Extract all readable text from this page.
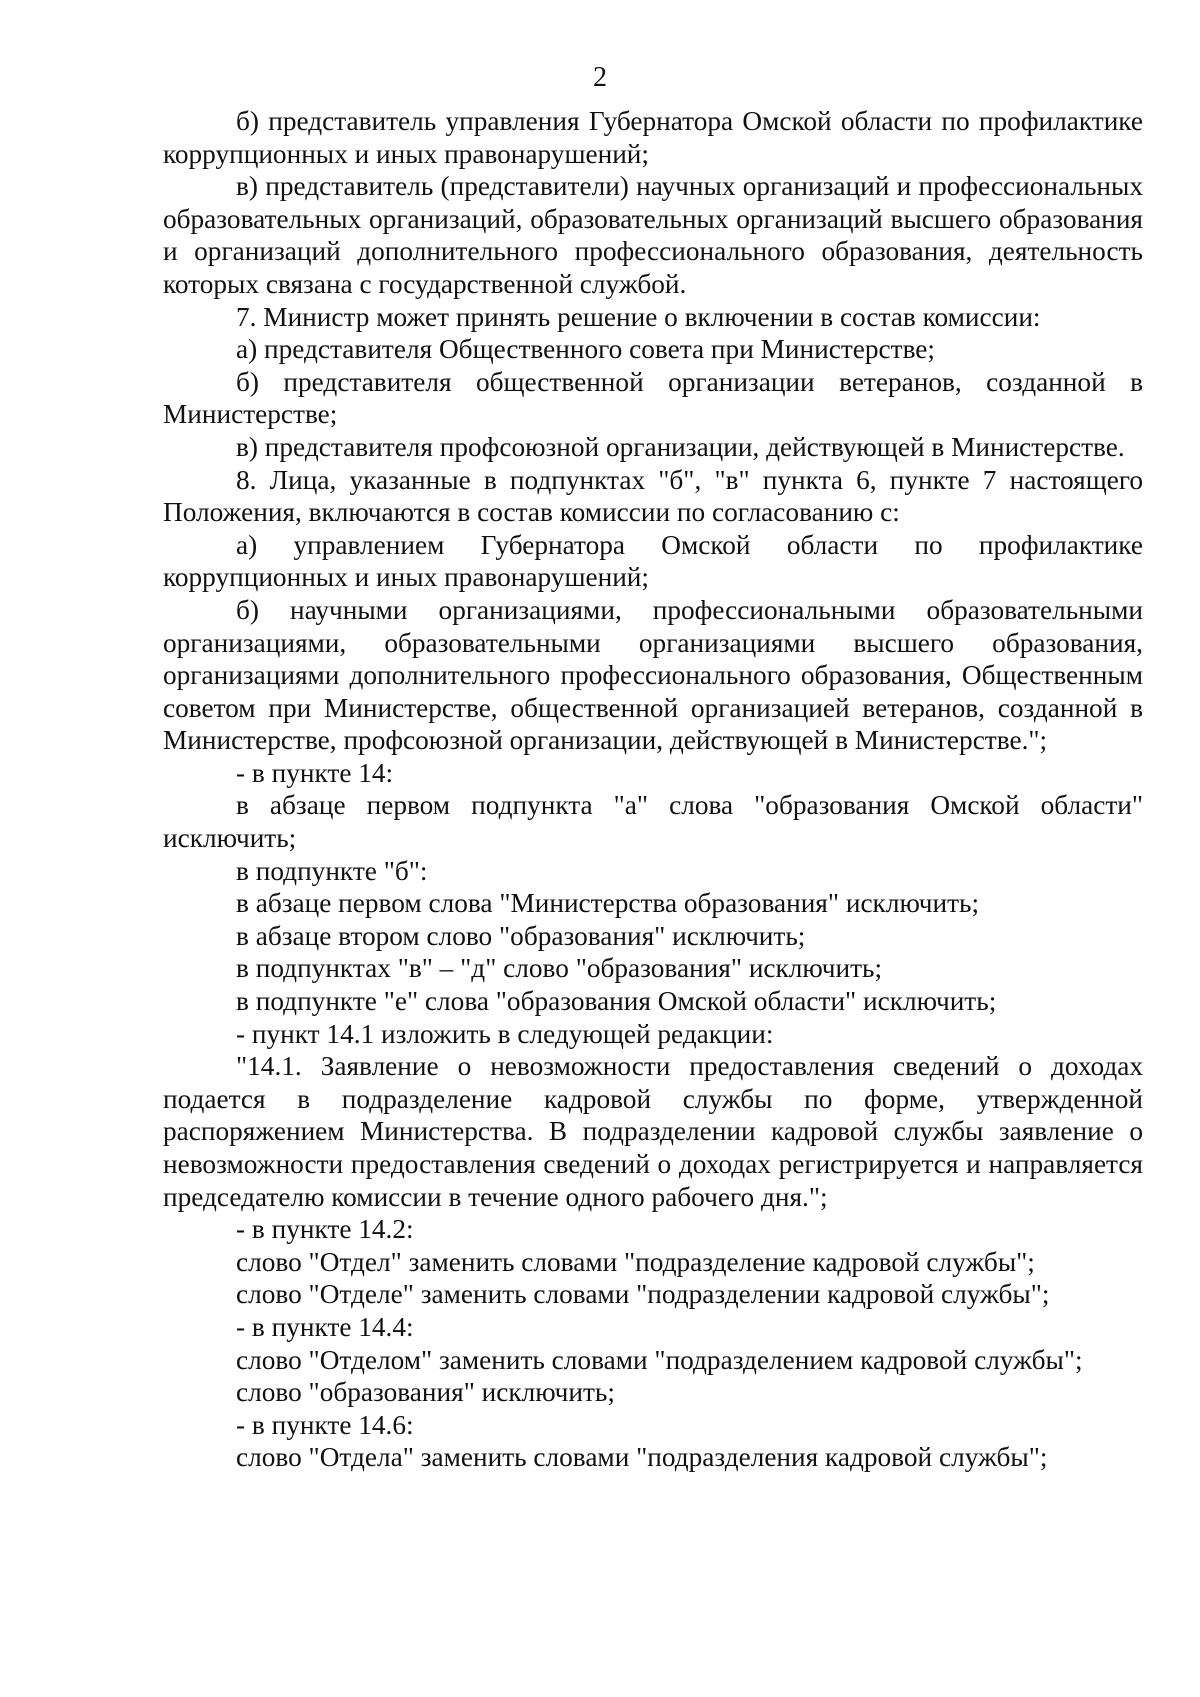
2

б) представитель управления Губернатора Омской области по профилактике коррупционных и иных правонарушений;

в) представитель (представители) научных организаций и профессиональных образовательных организаций, образовательных организаций высшего образования и организаций дополнительного профессионального образования, деятельность которых связана с государственной службой.

7. Министр может принять решение о включении в состав комиссии:

а) представителя Общественного совета при Министерстве;

б) представителя общественной организации ветеранов, созданной в Министерстве;

в) представителя профсоюзной организации, действующей в Министерстве.

8. Лица, указанные в подпунктах "б", "в" пункта 6, пункте 7 настоящего Положения, включаются в состав комиссии по согласованию с:

а) управлением Губернатора Омской области по профилактике коррупционных и иных правонарушений;

б) научными организациями, профессиональными образовательными организациями, образовательными организациями высшего образования, организациями дополнительного профессионального образования, Общественным советом при Министерстве, общественной организацией ветеранов, созданной в Министерстве, профсоюзной организации, действующей в Министерстве.";

- в пункте 14:

в абзаце первом подпункта "а" слова "образования Омской области" исключить;

в подпункте "б":

в абзаце первом слова "Министерства образования" исключить;

в абзаце втором слово "образования" исключить;

в подпунктах "в" – "д" слово "образования" исключить;

в подпункте "е" слова "образования Омской области" исключить;

- пункт 14.1 изложить в следующей редакции:

"14.1. Заявление о невозможности предоставления сведений о доходах подается в подразделение кадровой службы по форме, утвержденной распоряжением Министерства. В подразделении кадровой службы заявление о невозможности предоставления сведений о доходах регистрируется и направляется председателю комиссии в течение одного рабочего дня.";

- в пункте 14.2:

слово "Отдел" заменить словами "подразделение кадровой службы";

слово "Отделе" заменить словами "подразделении кадровой службы";

- в пункте 14.4:

слово "Отделом" заменить словами "подразделением кадровой службы";

слово "образования" исключить;

- в пункте 14.6:

слово "Отдела" заменить словами "подразделения кадровой службы";
